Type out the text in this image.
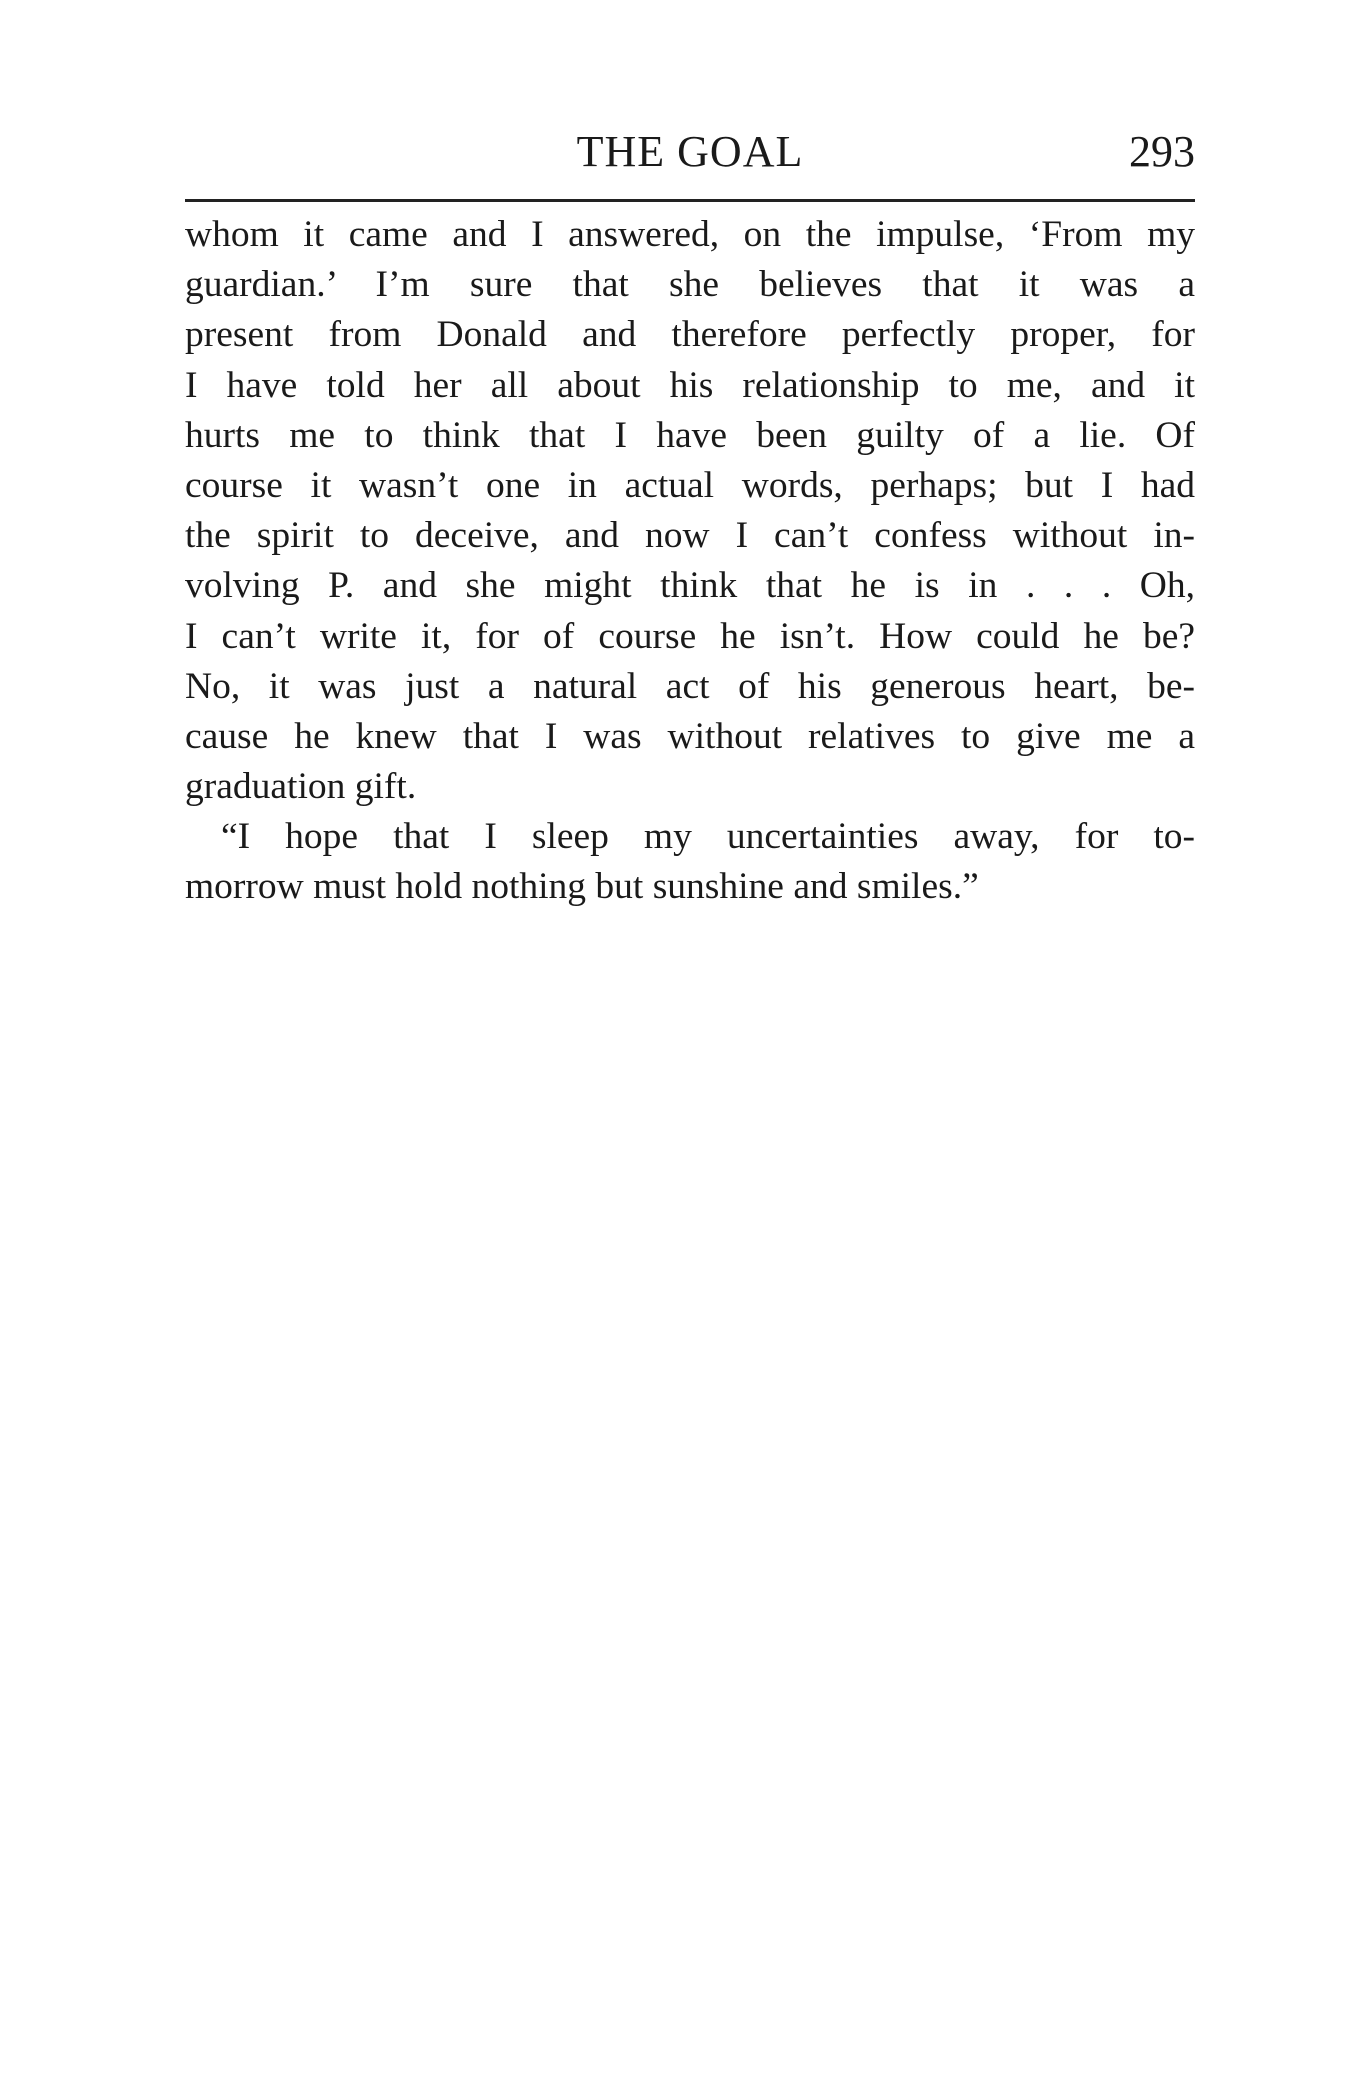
THE GOAL	293
whom it came and I answered, on the impulse, ‘From my
guardian.’ I’m sure that she believes that it was a
present from Donald and therefore perfectly proper, for
I have told her all about his relationship to me, and it
hurts me to think that I have been guilty of a lie. Of
course it wasn’t one in actual words, perhaps; but I had
the spirit to deceive, and now I can’t confess without in-
volving P. and she might think that he is in . . . Oh,
I can’t write it, for of course he isn’t. How could he be?
No, it was just a natural act of his generous heart, be-
cause he knew that I was without relatives to give me a
graduation gift.
“I hope that I sleep my uncertainties away, for to-
morrow must hold nothing but sunshine and smiles.”
